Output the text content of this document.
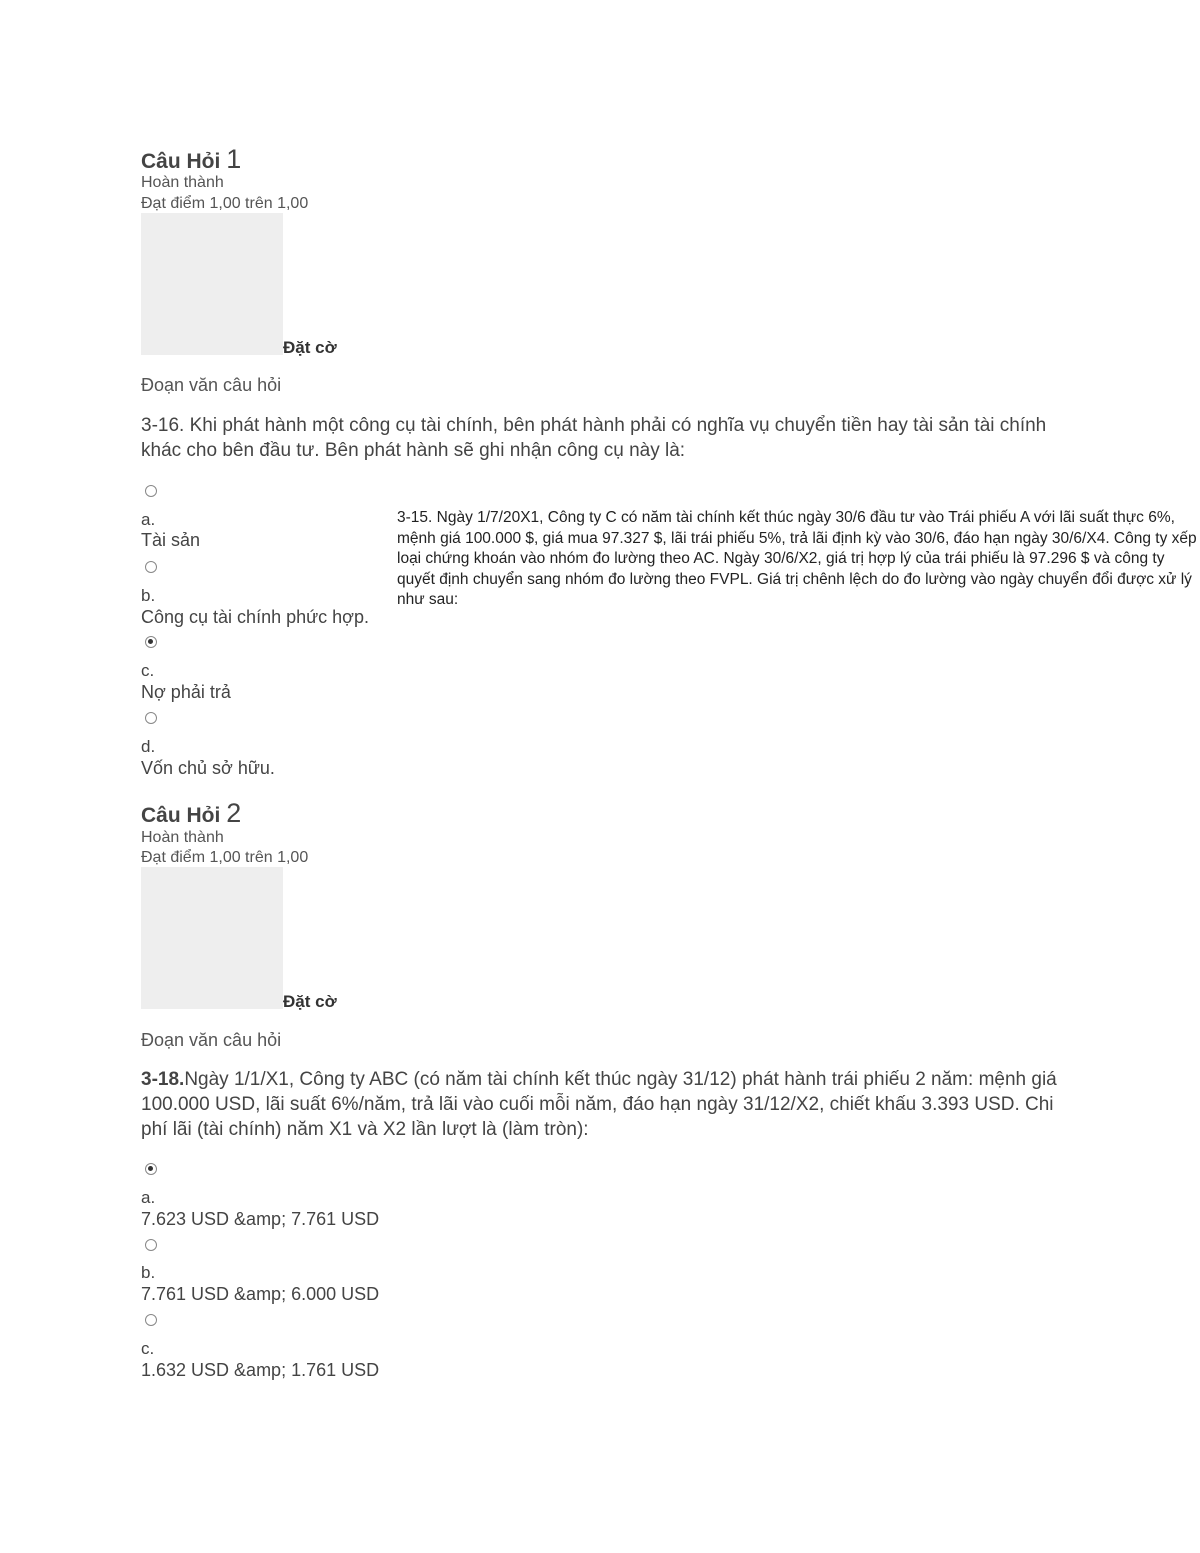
Câu Hỏi 1
Hoàn thành
Đạt điểm 1,00 trên 1,00
Đặt cờ
Đoạn văn câu hỏi

3-16. Khi phát hành một công cụ tài chính, bên phát hành phải có nghĩa vụ chuyển tiền hay tài sản tài chính khác cho bên đầu tư. Bên phát hành sẽ ghi nhận công cụ này là:

a.
Tài sản
b.
Công cụ tài chính phức hợp.
c.
Nợ phải trả
d.
Vốn chủ sở hữu.

3-15. Ngày 1/7/20X1, Công ty C có năm tài chính kết thúc ngày 30/6 đầu tư vào Trái phiếu A với lãi suất thực 6%, mệnh giá 100.000 $, giá mua 97.327 $, lãi trái phiếu 5%, trả lãi định kỳ vào 30/6, đáo hạn ngày 30/6/X4. Công ty xếp loại chứng khoán vào nhóm đo lường theo AC. Ngày 30/6/X2, giá trị hợp lý của trái phiếu là 97.296 $ và công ty quyết định chuyển sang nhóm đo lường theo FVPL. Giá trị chênh lệch do đo lường vào ngày chuyển đổi được xử lý như sau:

Câu Hỏi 2
Hoàn thành
Đạt điểm 1,00 trên 1,00
Đặt cờ
Đoạn văn câu hỏi

3-18.Ngày 1/1/X1, Công ty ABC (có năm tài chính kết thúc ngày 31/12) phát hành trái phiếu 2 năm: mệnh giá 100.000 USD, lãi suất 6%/năm, trả lãi vào cuối mỗi năm, đáo hạn ngày 31/12/X2, chiết khấu 3.393 USD. Chi phí lãi (tài chính) năm X1 và X2 lần lượt là (làm tròn):

a.
7.623 USD &amp; 7.761 USD
b.
7.761 USD &amp; 6.000 USD
c.
1.632 USD &amp; 1.761 USD
